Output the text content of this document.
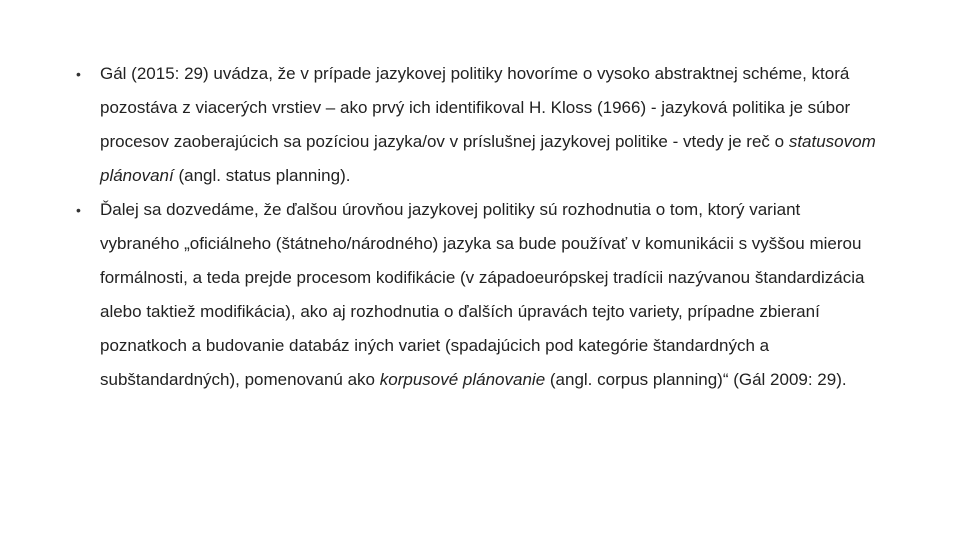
•	Gál (2015: 29) uvádza, že v prípade jazykovej politiky hovoríme o vysoko abstraktnej schéme, ktorá pozostáva z viacerých vrstiev – ako prvý ich identifikoval H. Kloss (1966) - jazyková politika je súbor procesov zaoberajúcich sa pozíciou jazyka/ov v príslušnej jazykovej politike - vtedy je reč o statusovom plánovaní (angl. status planning).
•	Ďalej sa dozvedáme, že ďalšou úrovňou jazykovej politiky sú rozhodnutia o tom, ktorý variant vybraného „oficiálneho (štátneho/národného) jazyka sa bude používať v komunikácii s vyššou mierou formálnosti, a teda prejde procesom kodifikácie (v západoeurópskej tradícii nazývanou štandardizácia alebo taktiež modifikácia), ako aj rozhodnutia o ďalších úpravách tejto variety, prípadne zbieraní poznatkoch a budovanie databáz iných variet (spadajúcich pod kategórie štandardných a subštandardných), pomenovanú ako korpusové plánovanie (angl. corpus planning)“ (Gál 2009: 29).
